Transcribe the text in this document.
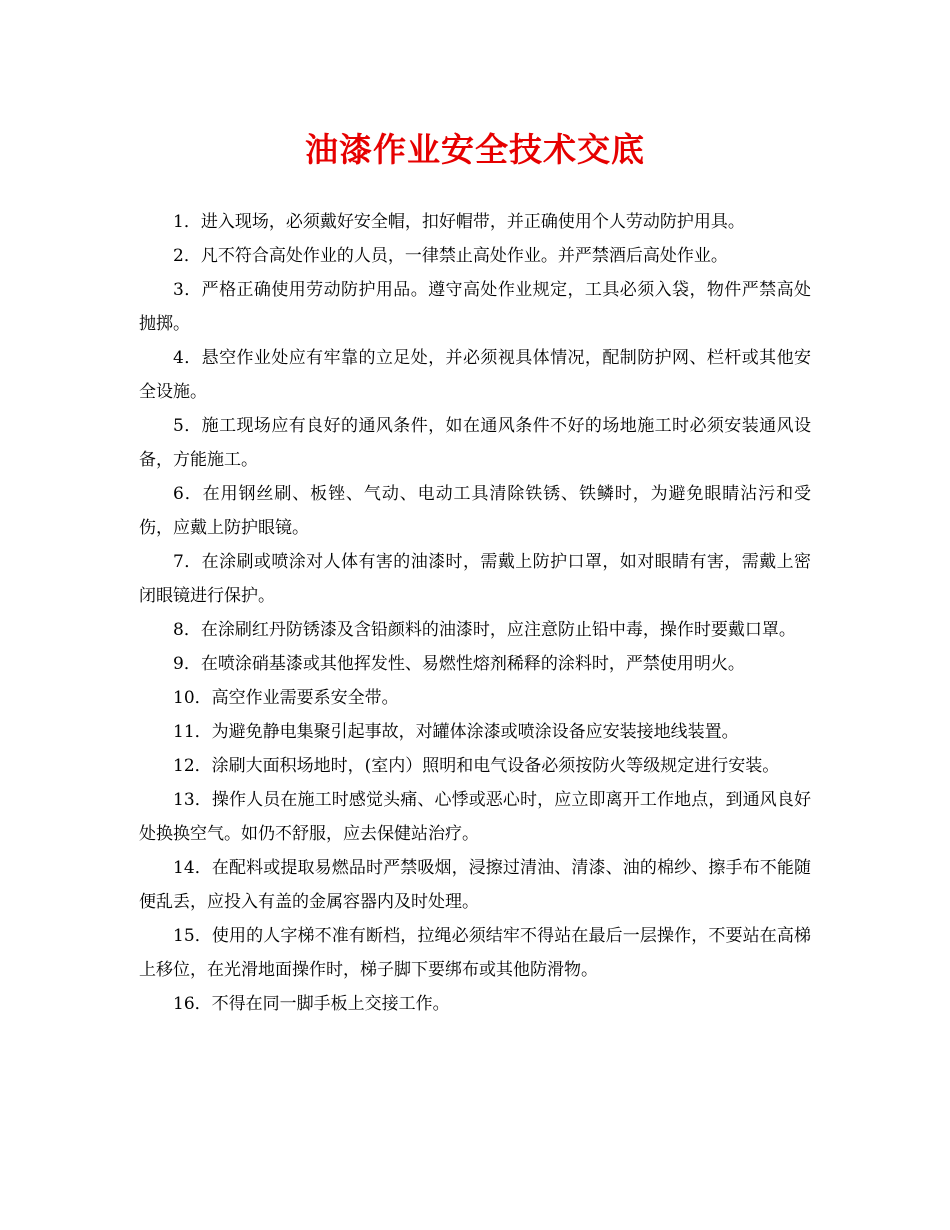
油漆作业安全技术交底

1．进入现场，必须戴好安全帽，扣好帽带，并正确使用个人劳动防护用具。

2．凡不符合高处作业的人员，一律禁止高处作业。并严禁酒后高处作业。

3．严格正确使用劳动防护用品。遵守高处作业规定，工具必须入袋，物件严禁高处抛掷。

4．悬空作业处应有牢靠的立足处，并必须视具体情况，配制防护网、栏杆或其他安全设施。

5．施工现场应有良好的通风条件，如在通风条件不好的场地施工时必须安装通风设备，方能施工。

6．在用钢丝刷、板锉、气动、电动工具清除铁锈、铁鳞时，为避免眼睛沾污和受伤，应戴上防护眼镜。

7．在涂刷或喷涂对人体有害的油漆时，需戴上防护口罩，如对眼睛有害，需戴上密闭眼镜进行保护。

8．在涂刷红丹防锈漆及含铅颜料的油漆时，应注意防止铅中毒，操作时要戴口罩。

9．在喷涂硝基漆或其他挥发性、易燃性熔剂稀释的涂料时，严禁使用明火。

10．高空作业需要系安全带。

11．为避免静电集聚引起事故，对罐体涂漆或喷涂设备应安装接地线装置。

12．涂刷大面积场地时，(室内）照明和电气设备必须按防火等级规定进行安装。

13．操作人员在施工时感觉头痛、心悸或恶心时，应立即离开工作地点，到通风良好处换换空气。如仍不舒服，应去保健站治疗。

14．在配料或提取易燃品时严禁吸烟，浸擦过清油、清漆、油的棉纱、擦手布不能随便乱丢，应投入有盖的金属容器内及时处理。

15．使用的人字梯不准有断档，拉绳必须结牢不得站在最后一层操作，不要站在高梯上移位，在光滑地面操作时，梯子脚下要绑布或其他防滑物。

16．不得在同一脚手板上交接工作。
